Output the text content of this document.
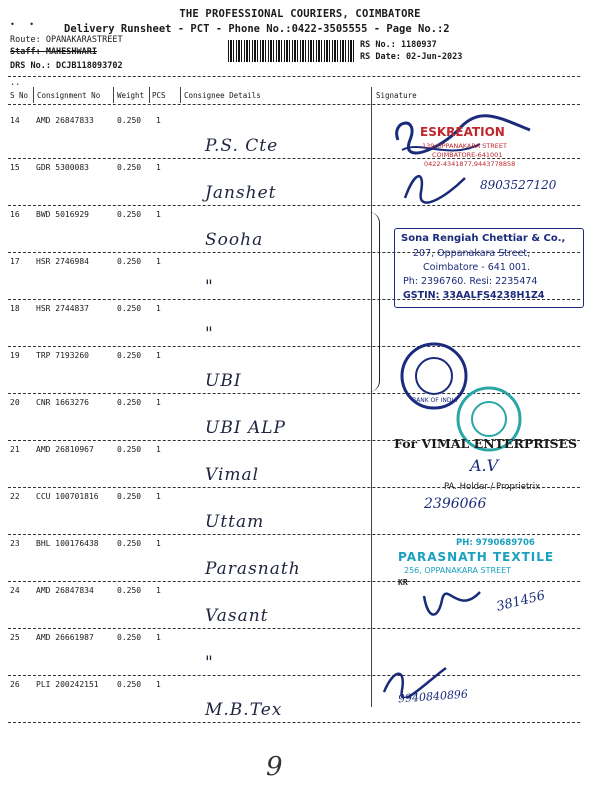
THE PROFESSIONAL COURIERS, COIMBATORE
•   •	Delivery Runsheet - PCT - Phone No.:0422-3505555 - Page No.:2
Route: OPANAKARASTREET
Staff: MAHESHWARI
DRS No.: DCJB118093702
RS No.: 1180937
RS Date: 02-Jun-2023
..
S No Consignment No Weight PCS Consignee Details	Signature
14 AMD 26847833	0.250 1
P.S. Cte
15 GDR 5300083	0.250 1
Janshet
16 BWD 5016929	0.250 1
Sooha
17 HSR 2746984	0.250 1
"
18 HSR 2744837	0.250 1
"
19 TRP 7193260	0.250 1
UBI
20 CNR 1663276	0.250 1
UBI ALP
21 AMD 26810967	0.250 1
Vimal
22 CCU 100701816 0.250 1
Uttam
23 BHL 100176438 0.250 1
Parasnath
24 AMD 26847834	0.250 1
Vasant
25 AMD 26661987	0.250 1
"
26 PLI 200242151 0.250 1
M.B.Tex
ESKREATION
139,OPPANAKARA STREET
COIMBATORE-641001
0422-4341877,9443778858
8903527120
Sona Rengiah Chettiar & Co.,
207, Oppanakara Street,
Coimbatore - 641 001.
Ph: 2396760. Resi: 2235474
GSTIN: 33AALFS4238H1Z4
BANK OF INDIA
For VIMAL ENTERPRISES
A.V
PA. Holder / Proprietrix
2396066
PH: 9790689706
PARASNATH TEXTILE
256, OPPANAKARA STREET
KR
381456
9940840896
9
